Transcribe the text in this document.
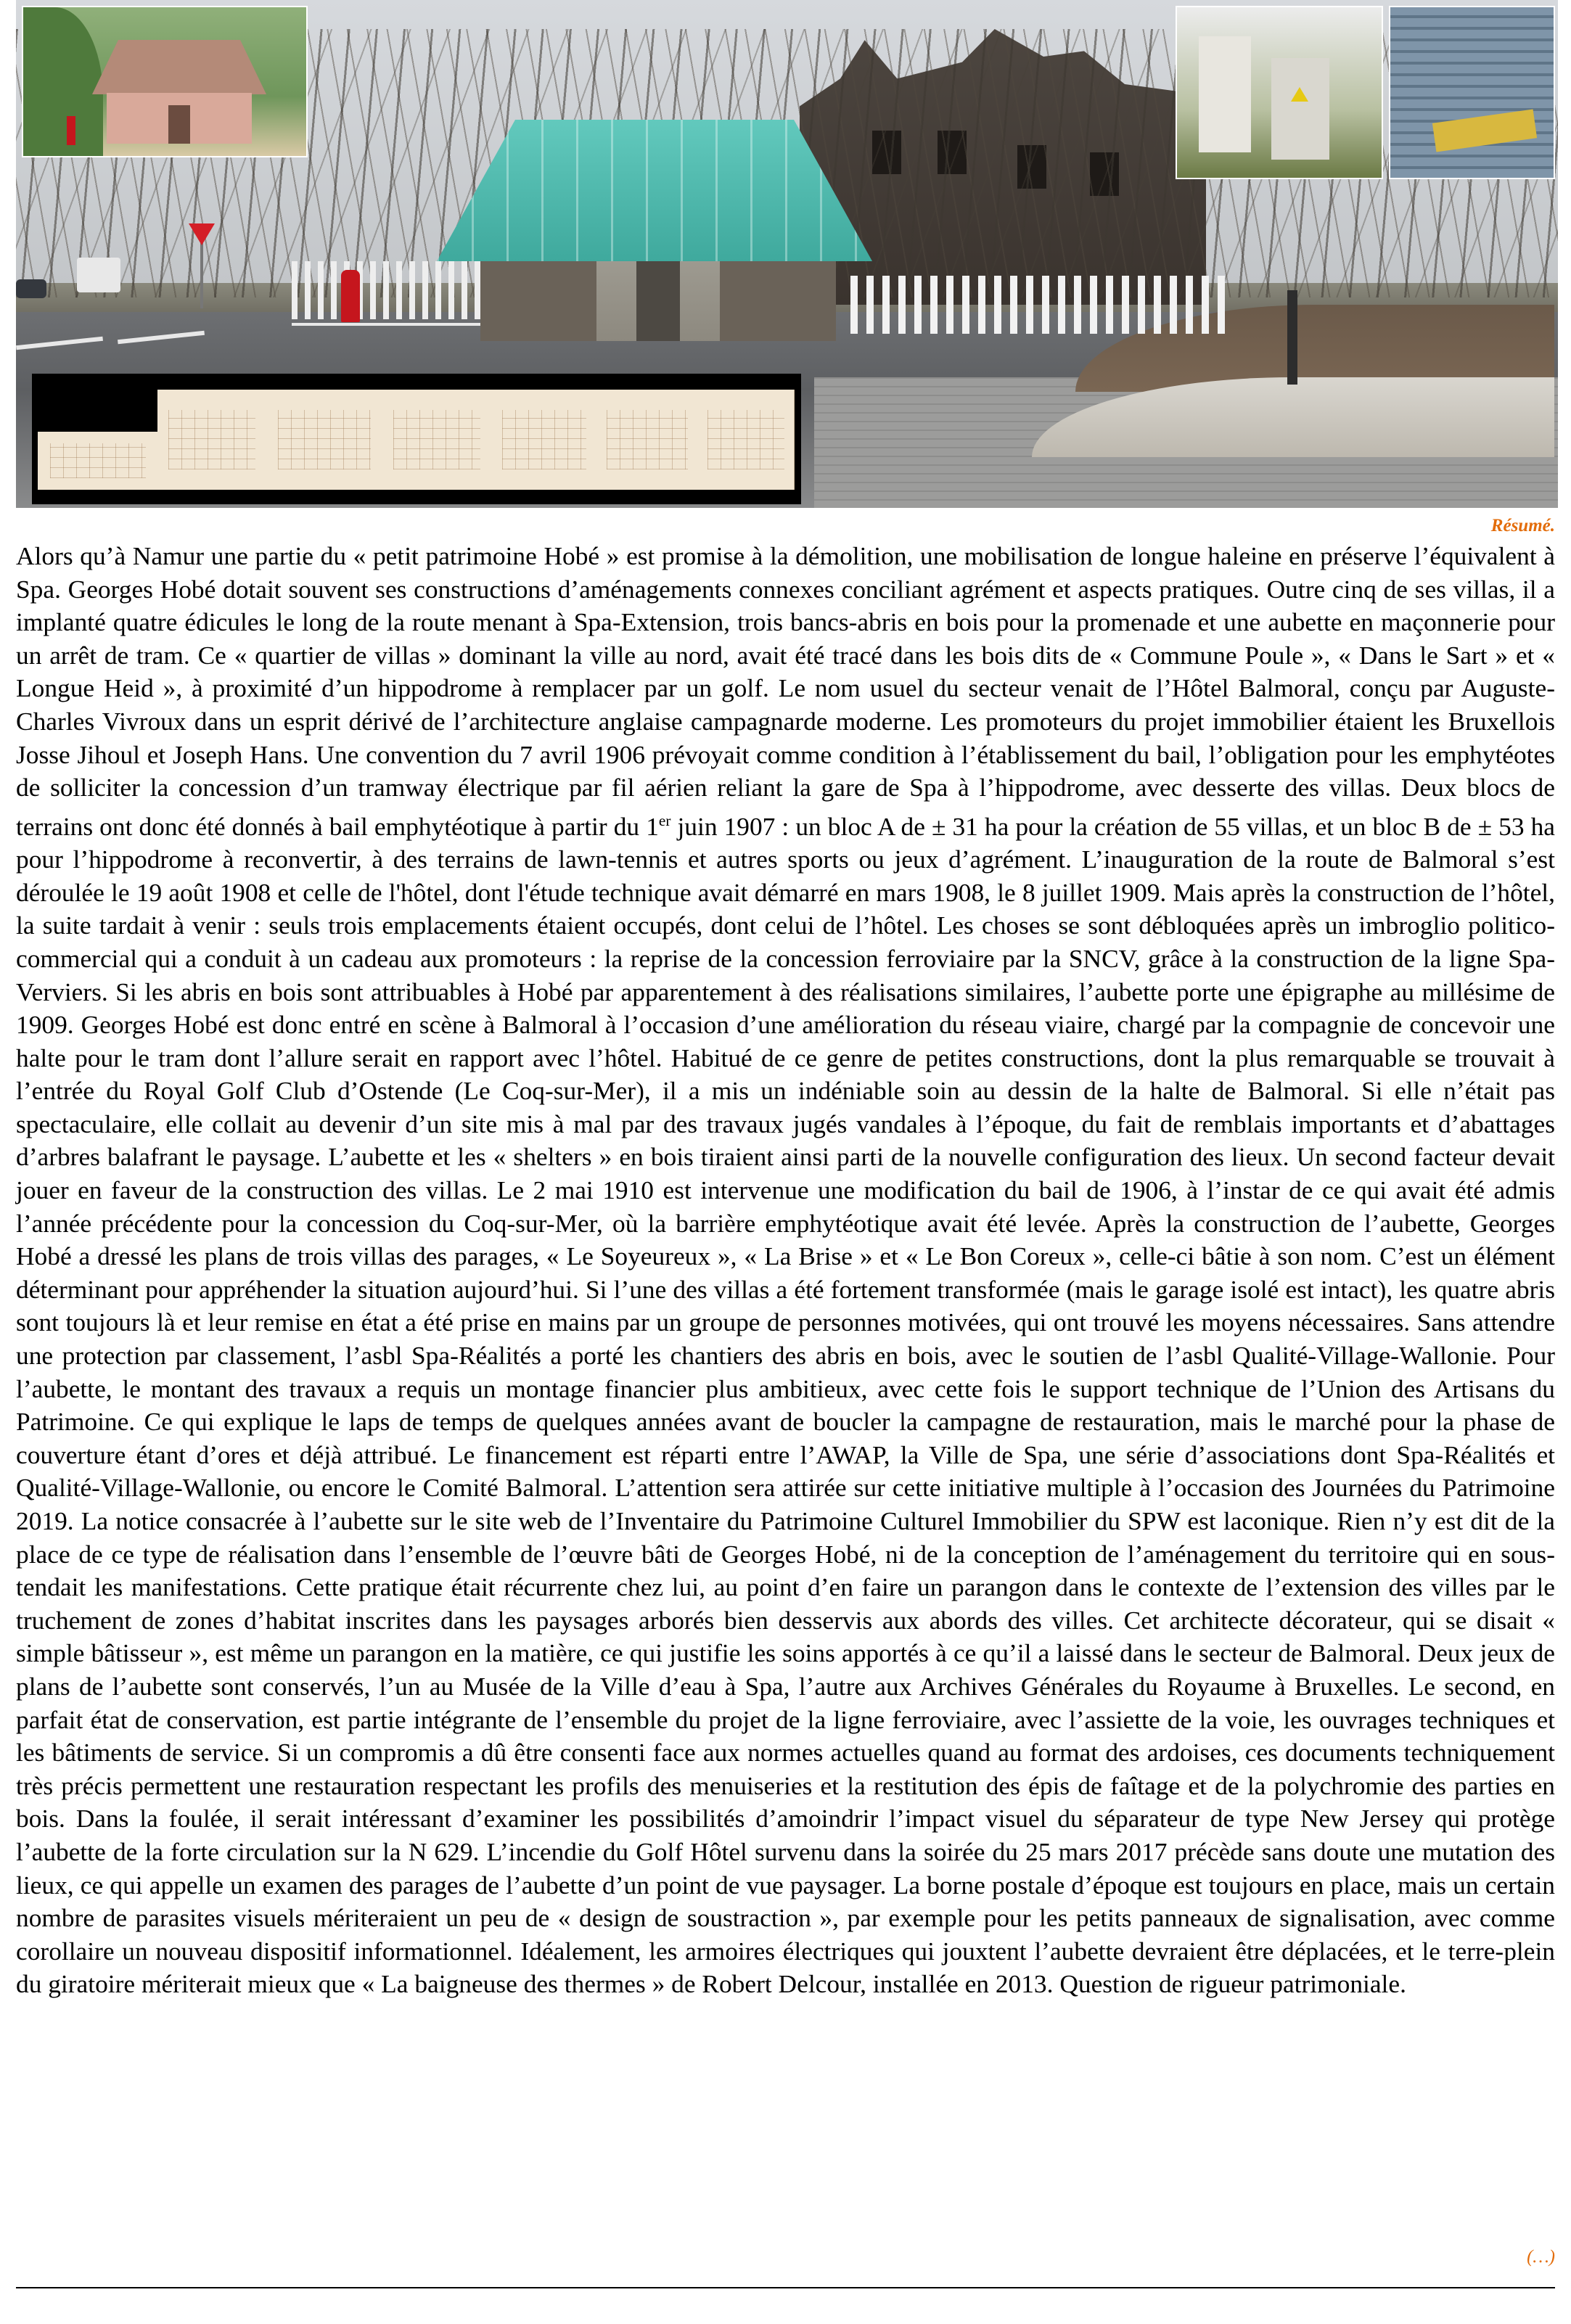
Résumé.

Alors qu’à Namur une partie du « petit patrimoine Hobé » est promise à la démolition, une mobilisation de longue haleine en préserve l’équivalent à Spa. Georges Hobé dotait souvent ses constructions d’aménagements connexes conciliant agrément et aspects pratiques. Outre cinq de ses villas, il a implanté quatre édicules le long de la route menant à Spa-Extension, trois bancs-abris en bois pour la promenade et une aubette en maçonnerie pour un arrêt de tram. Ce « quartier de villas » dominant la ville au nord, avait été tracé dans les bois dits de « Commune Poule », « Dans le Sart » et « Longue Heid », à proximité d’un hippodrome à remplacer par un golf. Le nom usuel du secteur venait de l’Hôtel Balmoral, conçu par Auguste-Charles Vivroux dans un esprit dérivé de l’architecture anglaise campagnarde moderne. Les promoteurs du projet immobilier étaient les Bruxellois Josse Jihoul et Joseph Hans. Une convention du 7 avril 1906 prévoyait comme condition à l’établissement du bail, l’obligation pour les emphytéotes de solliciter la concession d’un tramway électrique par fil aérien reliant la gare de Spa à l’hippodrome, avec desserte des villas. Deux blocs de terrains ont donc été donnés à bail emphytéotique à partir du 1er juin 1907 : un bloc A de ± 31 ha pour la création de 55 villas, et un bloc B de ± 53 ha pour l’hippodrome à reconvertir, à des terrains de lawn-tennis et autres sports ou jeux d’agrément. L’inauguration de la route de Balmoral s’est déroulée le 19 août 1908 et celle de l'hôtel, dont l'étude technique avait démarré en mars 1908, le 8 juillet 1909. Mais après la construction de l’hôtel, la suite tardait à venir : seuls trois emplacements étaient occupés, dont celui de l’hôtel. Les choses se sont débloquées après un imbroglio politico-commercial qui a conduit à un cadeau aux promoteurs : la reprise de la concession ferroviaire par la SNCV, grâce à la construction de la ligne Spa-Verviers. Si les abris en bois sont attribuables à Hobé par apparentement à des réalisations similaires, l’aubette porte une épigraphe au millésime de 1909. Georges Hobé est donc entré en scène à Balmoral à l’occasion d’une amélioration du réseau viaire, chargé par la compagnie de concevoir une halte pour le tram dont l’allure serait en rapport avec l’hôtel. Habitué de ce genre de petites constructions, dont la plus remarquable se trouvait à l’entrée du Royal Golf Club d’Ostende (Le Coq-sur-Mer), il a mis un indéniable soin au dessin de la halte de Balmoral. Si elle n’était pas spectaculaire, elle collait au devenir d’un site mis à mal par des travaux jugés vandales à l’époque, du fait de remblais importants et d’abattages d’arbres balafrant le paysage. L’aubette et les « shelters » en bois tiraient ainsi parti de la nouvelle configuration des lieux. Un second facteur devait jouer en faveur de la construction des villas. Le 2 mai 1910 est intervenue une modification du bail de 1906, à l’instar de ce qui avait été admis l’année précédente pour la concession du Coq-sur-Mer, où la barrière emphytéotique avait été levée. Après la construction de l’aubette, Georges Hobé a dressé les plans de trois villas des parages, « Le Soyeureux », « La Brise » et « Le Bon Coreux », celle-ci bâtie à son nom. C’est un élément déterminant pour appréhender la situation aujourd’hui. Si l’une des villas a été fortement transformée (mais le garage isolé est intact), les quatre abris sont toujours là et leur remise en état a été prise en mains par un groupe de personnes motivées, qui ont trouvé les moyens nécessaires. Sans attendre une protection par classement, l’asbl Spa-Réalités a porté les chantiers des abris en bois, avec le soutien de l’asbl Qualité-Village-Wallonie. Pour l’aubette, le montant des travaux a requis un montage financier plus ambitieux, avec cette fois le support technique de l’Union des Artisans du Patrimoine. Ce qui explique le laps de temps de quelques années avant de boucler la campagne de restauration, mais le marché pour la phase de couverture étant d’ores et déjà attribué. Le financement est réparti entre l’AWAP, la Ville de Spa, une série d’associations dont Spa-Réalités et Qualité-Village-Wallonie, ou encore le Comité Balmoral. L’attention sera attirée sur cette initiative multiple à l’occasion des Journées du Patrimoine 2019. La notice consacrée à l’aubette sur le site web de l’Inventaire du Patrimoine Culturel Immobilier du SPW est laconique. Rien n’y est dit de la place de ce type de réalisation dans l’ensemble de l’œuvre bâti de Georges Hobé, ni de la conception de l’aménagement du territoire qui en sous-tendait les manifestations. Cette pratique était récurrente chez lui, au point d’en faire un parangon dans le contexte de l’extension des villes par le truchement de zones d’habitat inscrites dans les paysages arborés bien desservis aux abords des villes. Cet architecte décorateur, qui se disait « simple bâtisseur », est même un parangon en la matière, ce qui justifie les soins apportés à ce qu’il a laissé dans le secteur de Balmoral. Deux jeux de plans de l’aubette sont conservés, l’un au Musée de la Ville d’eau à Spa, l’autre aux Archives Générales du Royaume à Bruxelles. Le second, en parfait état de conservation, est partie intégrante de l’ensemble du projet de la ligne ferroviaire, avec l’assiette de la voie, les ouvrages techniques et les bâtiments de service. Si un compromis a dû être consenti face aux normes actuelles quand au format des ardoises, ces documents techniquement très précis permettent une restauration respectant les profils des menuiseries et la restitution des épis de faîtage et de la polychromie des parties en bois. Dans la foulée, il serait intéressant d’examiner les possibilités d’amoindrir l’impact visuel du séparateur de type New Jersey qui protège l’aubette de la forte circulation sur la N 629. L’incendie du Golf Hôtel survenu dans la soirée du 25 mars 2017 précède sans doute une mutation des lieux, ce qui appelle un examen des parages de l’aubette d’un point de vue paysager. La borne postale d’époque est toujours en place, mais un certain nombre de parasites visuels mériteraient un peu de « design de soustraction », par exemple pour les petits panneaux de signalisation, avec comme corollaire un nouveau dispositif informationnel. Idéalement, les armoires électriques qui jouxtent l’aubette devraient être déplacées, et le terre-plein du giratoire mériterait mieux que « La baigneuse des thermes » de Robert Delcour, installée en 2013. Question de rigueur patrimoniale.

(…)
